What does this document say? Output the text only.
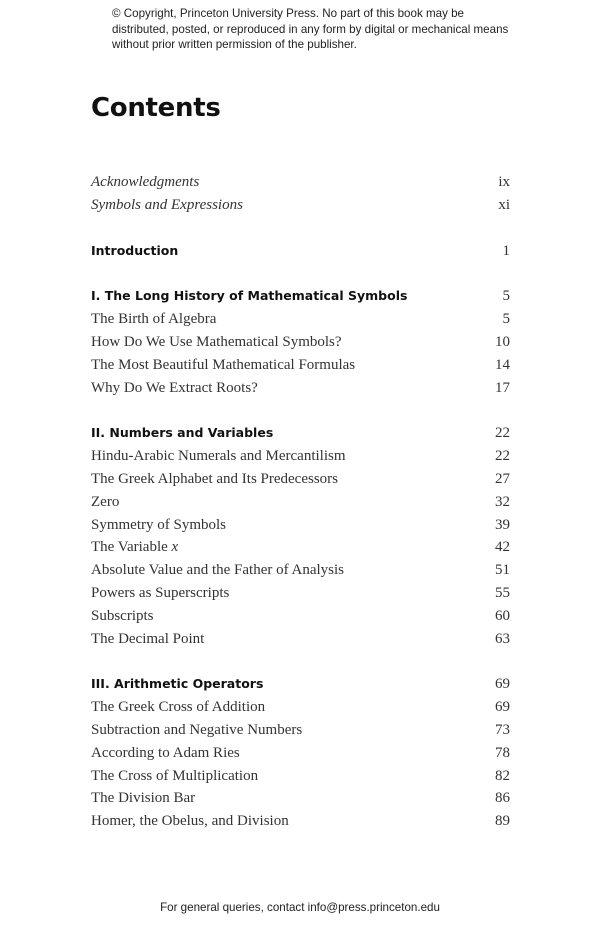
© Copyright, Princeton University Press. No part of this book may be distributed, posted, or reproduced in any form by digital or mechanical means without prior written permission of the publisher.
Contents
Acknowledgments	ix
Symbols and Expressions	xi
Introduction	1
I. The Long History of Mathematical Symbols	5
The Birth of Algebra	5
How Do We Use Mathematical Symbols?	10
The Most Beautiful Mathematical Formulas	14
Why Do We Extract Roots?	17
II. Numbers and Variables	22
Hindu-Arabic Numerals and Mercantilism	22
The Greek Alphabet and Its Predecessors	27
Zero	32
Symmetry of Symbols	39
The Variable x	42
Absolute Value and the Father of Analysis	51
Powers as Superscripts	55
Subscripts	60
The Decimal Point	63
III. Arithmetic Operators	69
The Greek Cross of Addition	69
Subtraction and Negative Numbers	73
According to Adam Ries	78
The Cross of Multiplication	82
The Division Bar	86
Homer, the Obelus, and Division	89
For general queries, contact info@press.princeton.edu
